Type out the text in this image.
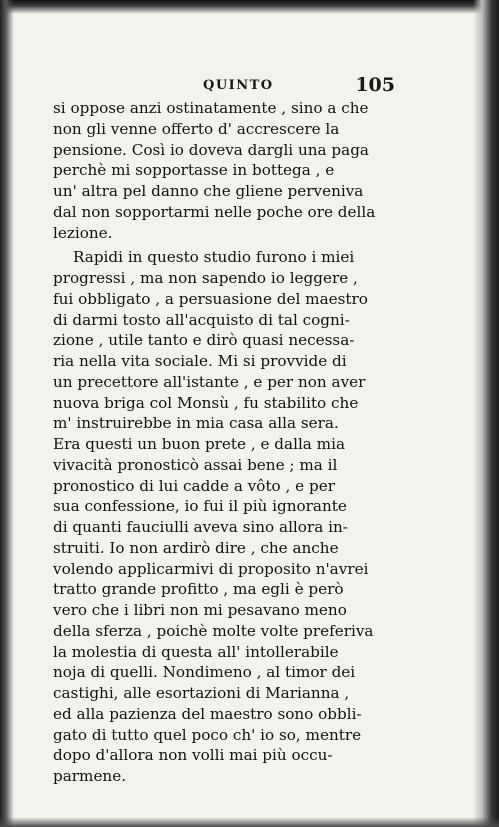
QUINTO	105
si oppose anzi ostinatamente , sino a che
non gli venne offerto d' accrescere la
pensione. Così io doveva dargli una paga
perchè mi sopportasse in bottega , e
un' altra pel danno che gliene perveniva
dal non sopportarmi nelle poche ore della
lezione.
Rapidi in questo studio furono i miei
progressi , ma non sapendo io leggere ,
fui obbligato , a persuasione del maestro
di darmi tosto all'acquisto di tal cogni-
zione , utile tanto e dirò quasi necessa-
ria nella vita sociale. Mi si provvide di
un precettore all'istante , e per non aver
nuova briga col Monsù , fu stabilito che
m' instruirebbe in mia casa alla sera.
Era questi un buon prete , e dalla mia
vivacità pronosticò assai bene ; ma il
pronostico di lui cadde a vôto , e per
sua confessione, io fui il più ignorante
di quanti fauciulli aveva sino allora in-
struiti. Io non ardirò dire , che anche
volendo applicarmivi di proposito n'avrei
tratto grande profitto , ma egli è però
vero che i libri non mi pesavano meno
della sferza , poichè molte volte preferiva
la molestia di questa all' intollerabile
noja di quelli. Nondimeno , al timor dei
castighi, alle esortazioni di Marianna ,
ed alla pazienza del maestro sono obbli-
gato di tutto quel poco ch' io so, mentre
dopo d'allora non volli mai più occu-
parmene.
